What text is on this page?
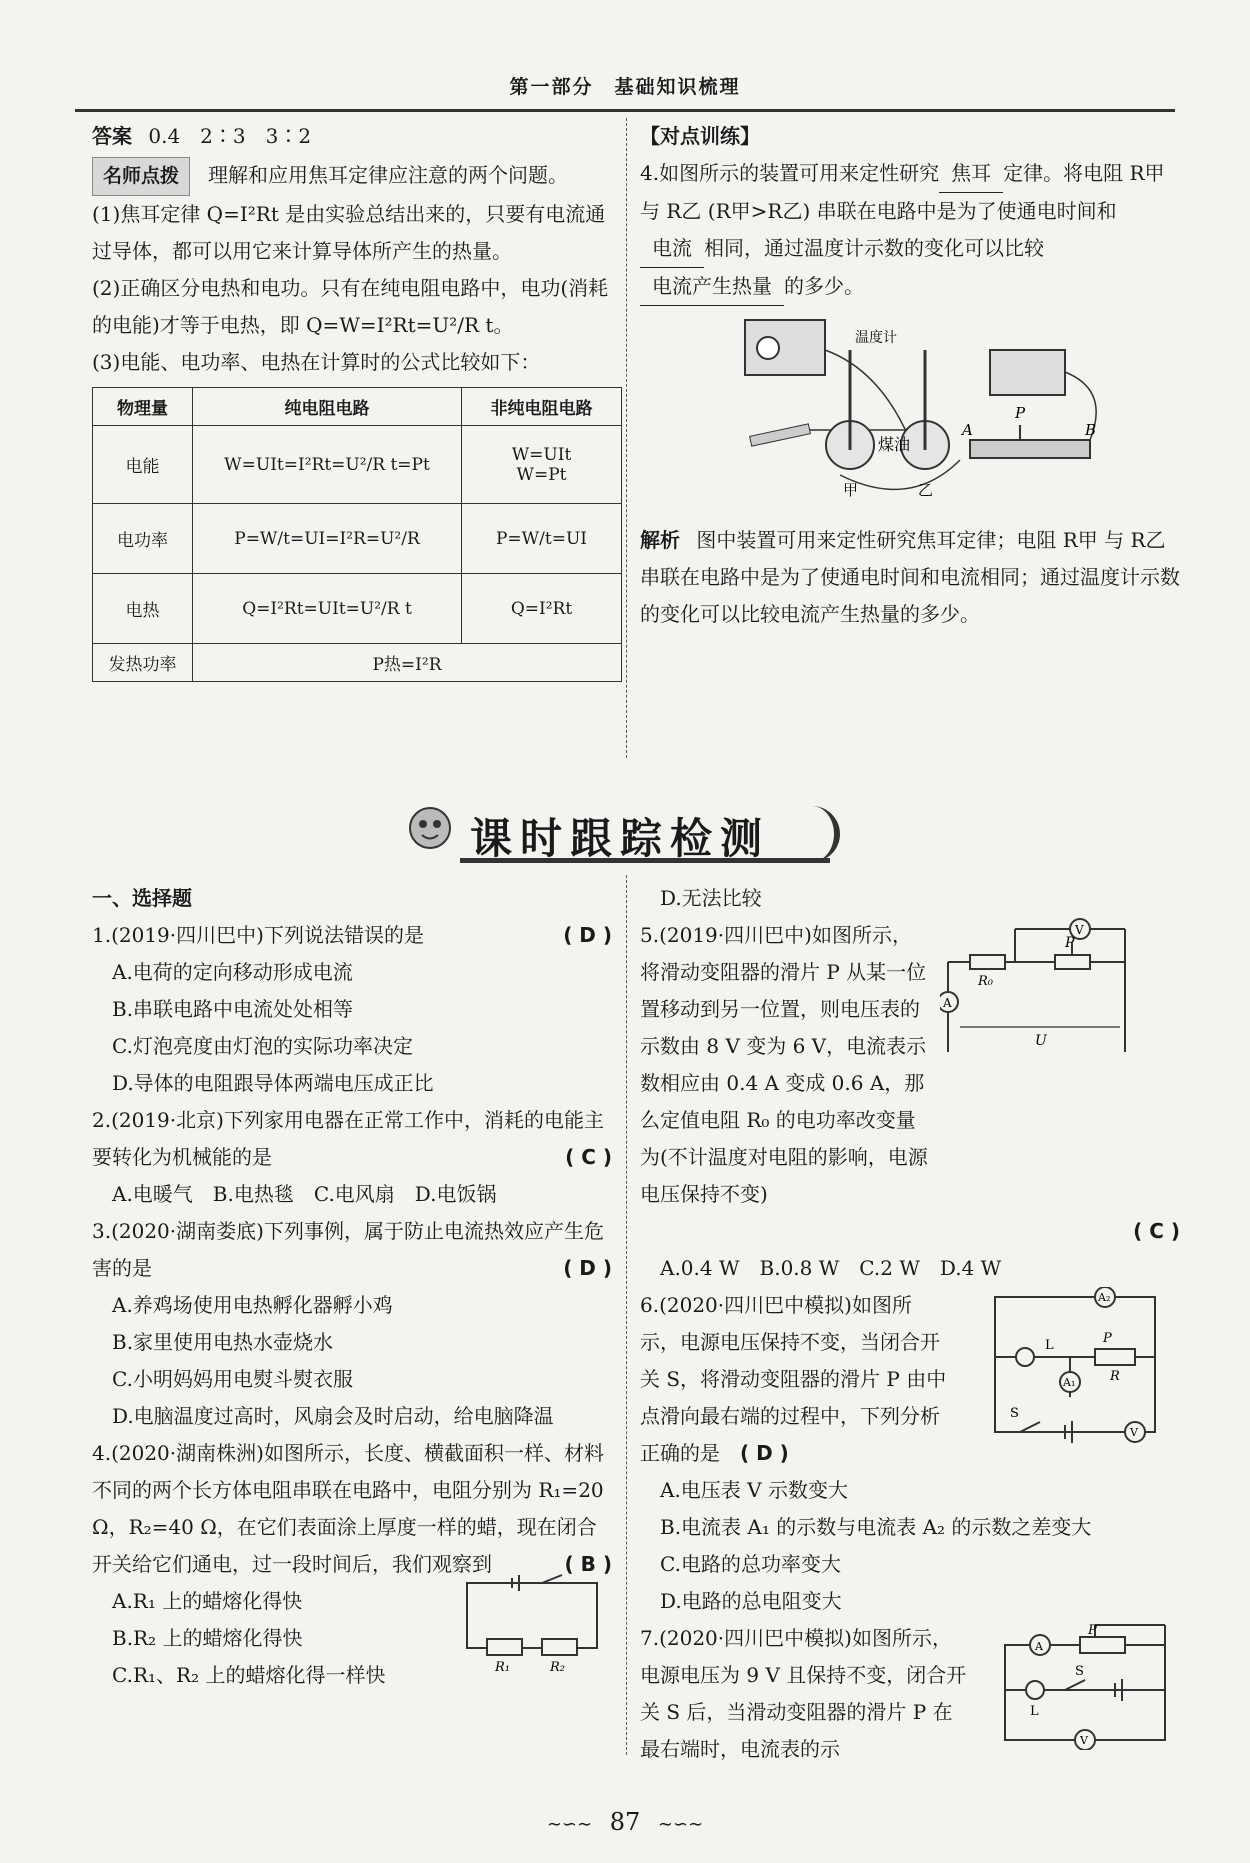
第一部分　基础知识梳理

答案 0.4　2∶3　3∶2

名师点拨 理解和应用焦耳定律应注意的两个问题。

(1)焦耳定律 Q=I²Rt 是由实验总结出来的，只要有电流通过导体，都可以用它来计算导体所产生的热量。

(2)正确区分电热和电功。只有在纯电阻电路中，电功(消耗的电能)才等于电热，即 Q=W=I²Rt=U²/R t。

(3)电能、电功率、电热在计算时的公式比较如下：

物理量	纯电阻电路	非纯电阻电路
电能	W=UIt=I²Rt=U²/R t=Pt	W=UIt
W=Pt
电功率	P=W/t=UI=I²R=U²/R	P=W/t=UI
电热	Q=I²Rt=UIt=U²/R t	Q=I²Rt
发热功率	P热=I²R	

【对点训练】

4.如图所示的装置可用来定性研究 焦耳 定律。将电阻 R甲 与 R乙 (R甲>R乙) 串联在电路中是为了使通电时间和电流 相同，通过温度计示数的变化可以比较电流产生热量 的多少。

温度计
煤油
甲	乙
A
P
B

解析 图中装置可用来定性研究焦耳定律；电阻 R甲 与 R乙 串联在电路中是为了使通电时间和电流相同；通过温度计示数的变化可以比较电流产生热量的多少。

课时跟踪检测

一、选择题

1.(2019·四川巴中)下列说法错误的是	( D )

A.电荷的定向移动形成电流

B.串联电路中电流处处相等

C.灯泡亮度由灯泡的实际功率决定

D.导体的电阻跟导体两端电压成正比

2.(2019·北京)下列家用电器在正常工作中，消耗的电能主要转化为机械能的是	( C )

A.电暖气　B.电热毯　C.电风扇　D.电饭锅

3.(2020·湖南娄底)下列事例，属于防止电流热效应产生危害的是	( D )

A.养鸡场使用电热孵化器孵小鸡

B.家里使用电热水壶烧水

C.小明妈妈用电熨斗熨衣服

D.电脑温度过高时，风扇会及时启动，给电脑降温

4.(2020·湖南株洲)如图所示，长度、横截面积一样、材料不同的两个长方体电阻串联在电路中，电阻分别为 R₁=20 Ω，R₂=40 Ω，在它们表面涂上厚度一样的蜡，现在闭合开关给它们通电，过一段时间后，我们观察到	( B )

A.R₁ 上的蜡熔化得快

B.R₂ 上的蜡熔化得快

C.R₁、R₂ 上的蜡熔化得一样快	R₁	R₂

D.无法比较

5.(2019·四川巴中)如图所示，将滑动变阻器的滑片 P 从某一位置移动到另一位置，则电压表的示数由 8 V 变为 6 V，电流表示数相应由 0.4 A 变成 0.6 A，那么定值电阻 R₀ 的电功率改变量为(不计温度对电阻的影响，电源电压保持不变)

( C )

A.0.4 W　B.0.8 W　C.2 W　D.4 W

V
P
R₀
A
U

6.(2020·四川巴中模拟)如图所示，电源电压保持不变，当闭合开关 S，将滑动变阻器的滑片 P 由中点滑向最右端的过程中，下列分析正确的是 ( D )

A.电压表 V 示数变大

B.电流表 A₁ 的示数与电流表 A₂ 的示数之差变大

C.电路的总功率变大

D.电路的总电阻变大

A₂
L	P
R
A₁
S
V

7.(2020·四川巴中模拟)如图所示，电源电压为 9 V 且保持不变，闭合开关 S 后，当滑动变阻器的滑片 P 在最右端时，电流表的示

A
P
S
L
V
∼∽∼ 87 ∼∽∼
